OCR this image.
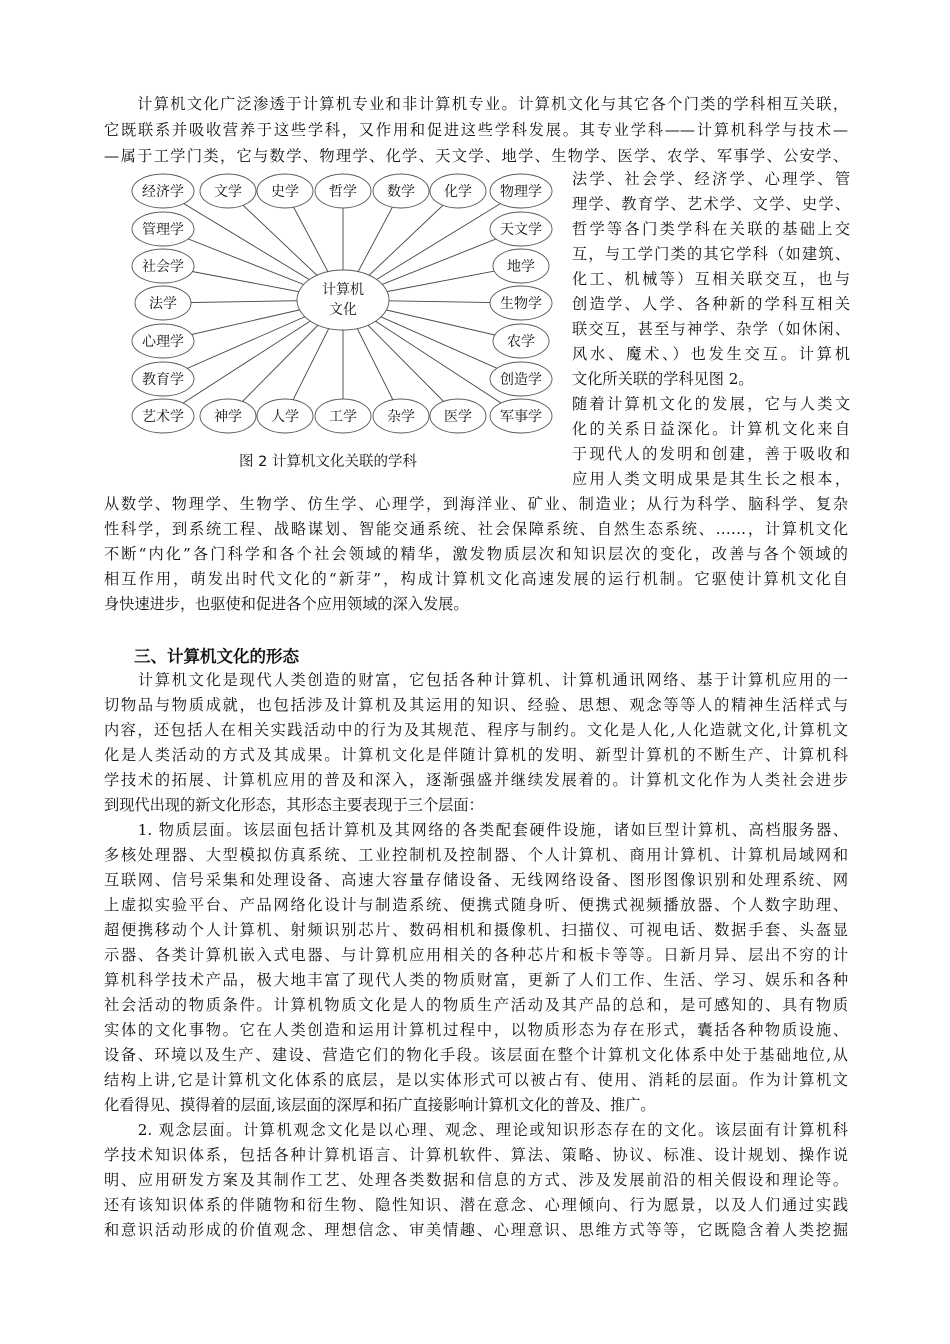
　　计算机文化广泛渗透于计算机专业和非计算机专业。计算机文化与其它各个门类的学科相互关联，
它既联系并吸收营养于这些学科，又作用和促进这些学科发展。其专业学科——计算机科学与技术—
—属于工学门类，它与数学、物理学、化学、天文学、地学、生物学、医学、农学、军事学、公安学、
经济学 文学 史学 哲学 数学 化学 物理学
天文学
地学
生物学
农学
创造学
军事学
医学
杂学
工学
人学
神学
艺术学
教育学
心理学
法学
社会学
管理学
计算机
文化
图 2 计算机文化关联的学科
法学、社会学、经济学、心理学、管
理学、教育学、艺术学、文学、史学、
哲学等各门类学科在关联的基础上交
互，与工学门类的其它学科（如建筑、
化工、机械等）互相关联交互，也与
创造学、人学、各种新的学科互相关
联交互，甚至与神学、杂学（如休闲、
风水、魔术、）也发生交互。计算机
文化所关联的学科见图 2。
随着计算机文化的发展，它与人类文
化的关系日益深化。计算机文化来自
于现代人的发明和创建，善于吸收和
应用人类文明成果是其生长之根本，
从数学、物理学、生物学、仿生学、心理学，到海洋业、矿业、制造业；从行为科学、脑科学、复杂
性科学，到系统工程、战略谋划、智能交通系统、社会保障系统、自然生态系统、……，计算机文化
不断“内化”各门科学和各个社会领域的精华，激发物质层次和知识层次的变化，改善与各个领域的
相互作用，萌发出时代文化的“新芽”，构成计算机文化高速发展的运行机制。它驱使计算机文化自
身快速进步，也驱使和促进各个应用领域的深入发展。
三、计算机文化的形态
　　计算机文化是现代人类创造的财富，它包括各种计算机、计算机通讯网络、基于计算机应用的一
切物品与物质成就，也包括涉及计算机及其运用的知识、经验、思想、观念等等人的精神生活样式与
内容，还包括人在相关实践活动中的行为及其规范、程序与制约。文化是人化,人化造就文化,计算机文
化是人类活动的方式及其成果。计算机文化是伴随计算机的发明、新型计算机的不断生产、计算机科
学技术的拓展、计算机应用的普及和深入，逐渐强盛并继续发展着的。计算机文化作为人类社会进步
到现代出现的新文化形态，其形态主要表现于三个层面：
　　1. 物质层面。该层面包括计算机及其网络的各类配套硬件设施，诸如巨型计算机、高档服务器、
多核处理器、大型模拟仿真系统、工业控制机及控制器、个人计算机、商用计算机、计算机局域网和
互联网、信号采集和处理设备、高速大容量存储设备、无线网络设备、图形图像识别和处理系统、网
上虚拟实验平台、产品网络化设计与制造系统、便携式随身听、便携式视频播放器、个人数字助理、
超便携移动个人计算机、射频识别芯片、数码相机和摄像机、扫描仪、可视电话、数据手套、头盔显
示器、各类计算机嵌入式电器、与计算机应用相关的各种芯片和板卡等等。日新月异、层出不穷的计
算机科学技术产品，极大地丰富了现代人类的物质财富，更新了人们工作、生活、学习、娱乐和各种
社会活动的物质条件。计算机物质文化是人的物质生产活动及其产品的总和，是可感知的、具有物质
实体的文化事物。它在人类创造和运用计算机过程中，以物质形态为存在形式，囊括各种物质设施、
设备、环境以及生产、建设、营造它们的物化手段。该层面在整个计算机文化体系中处于基础地位,从
结构上讲,它是计算机文化体系的底层，是以实体形式可以被占有、使用、消耗的层面。作为计算机文
化看得见、摸得着的层面,该层面的深厚和拓广直接影响计算机文化的普及、推广。
　　2. 观念层面。计算机观念文化是以心理、观念、理论或知识形态存在的文化。该层面有计算机科
学技术知识体系，包括各种计算机语言、计算机软件、算法、策略、协议、标准、设计规划、操作说
明、应用研发方案及其制作工艺、处理各类数据和信息的方式、涉及发展前沿的相关假设和理论等。
还有该知识体系的伴随物和衍生物、隐性知识、潜在意念、心理倾向、行为愿景，以及人们通过实践
和意识活动形成的价值观念、理想信念、审美情趣、心理意识、思维方式等等，它既隐含着人类挖掘
